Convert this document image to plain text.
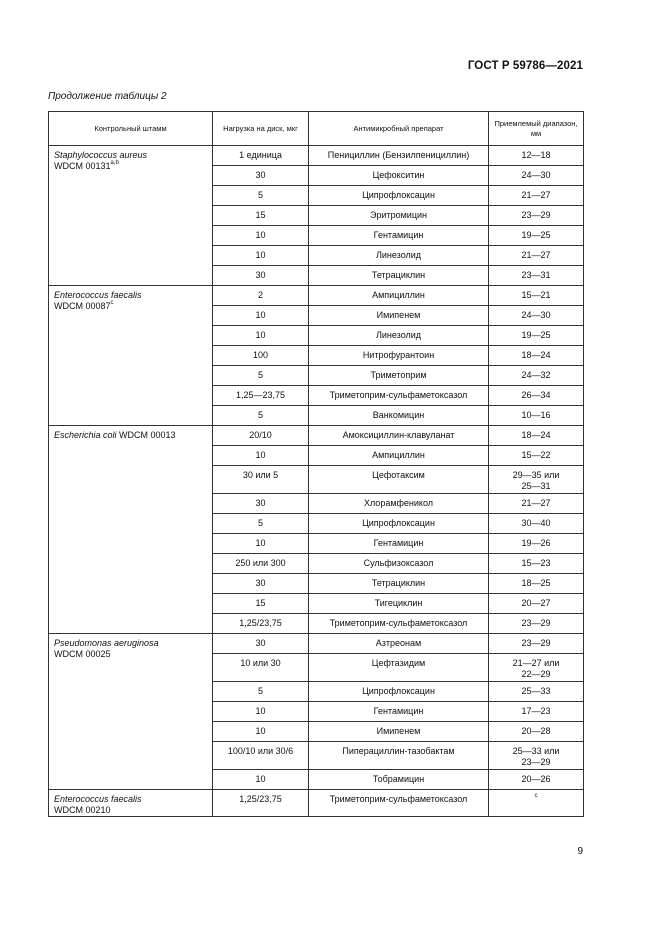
ГОСТ Р 59786—2021
Продолжение таблицы 2
Контрольный штамм	Нагрузка на диск, мкг	Антимикробный препарат	Приемлемый диапазон, мм
Staphylococcus aureus
WDCM 00131$^{a,b}$	1 единица	Пенициллин (Бензилпенициллин)	12—18
	30	Цефокситин	24—30
	5	Ципрофлоксацин	21—27
	15	Эритромицин	23—29
	10	Гентамицин	19—25
	10	Линезолид	21—27
	30	Тетрациклин	23—31
Enterococcus faecalis
WDCM 00087$^c$	2	Ампициллин	15—21
	10	Имипенем	24—30
	10	Линезолид	19—25
	100	Нитрофурантоин	18—24
	5	Триметоприм	24—32
	1,25—23,75	Триметоприм-сульфаметоксазол	26—34
	5	Ванкомицин	10—16
Escherichia coli WDCM 00013	20/10	Амоксициллин-клавуланат	18—24
	10	Ампициллин	15—22
	30 или 5	Цефотаксим	29—35 или
25—31
	30	Хлорамфеникол	21—27
	5	Ципрофлоксацин	30—40
	10	Гентамицин	19—26
	250 или 300	Сульфизоксазол	15—23
	30	Тетрациклин	18—25
	15	Тигециклин	20—27
	1,25/23,75	Триметоприм-сульфаметоксазол	23—29
Pseudomonas aeruginosa
WDCM 00025	30	Азтреонам	23—29
	10 или 30	Цефтазидим	21—27 или
22—29
	5	Ципрофлоксацин	25—33
	10	Гентамицин	17—23
	10	Имипенем	20—28
	100/10 или 30/6	Пиперациллин-тазобактам	25—33 или
23—29
	10	Тобрамицин	20—26
Enterococcus faecalis
WDCM 00210	1,25/23,75	Триметоприм-сульфаметоксазол	$^c$
9
